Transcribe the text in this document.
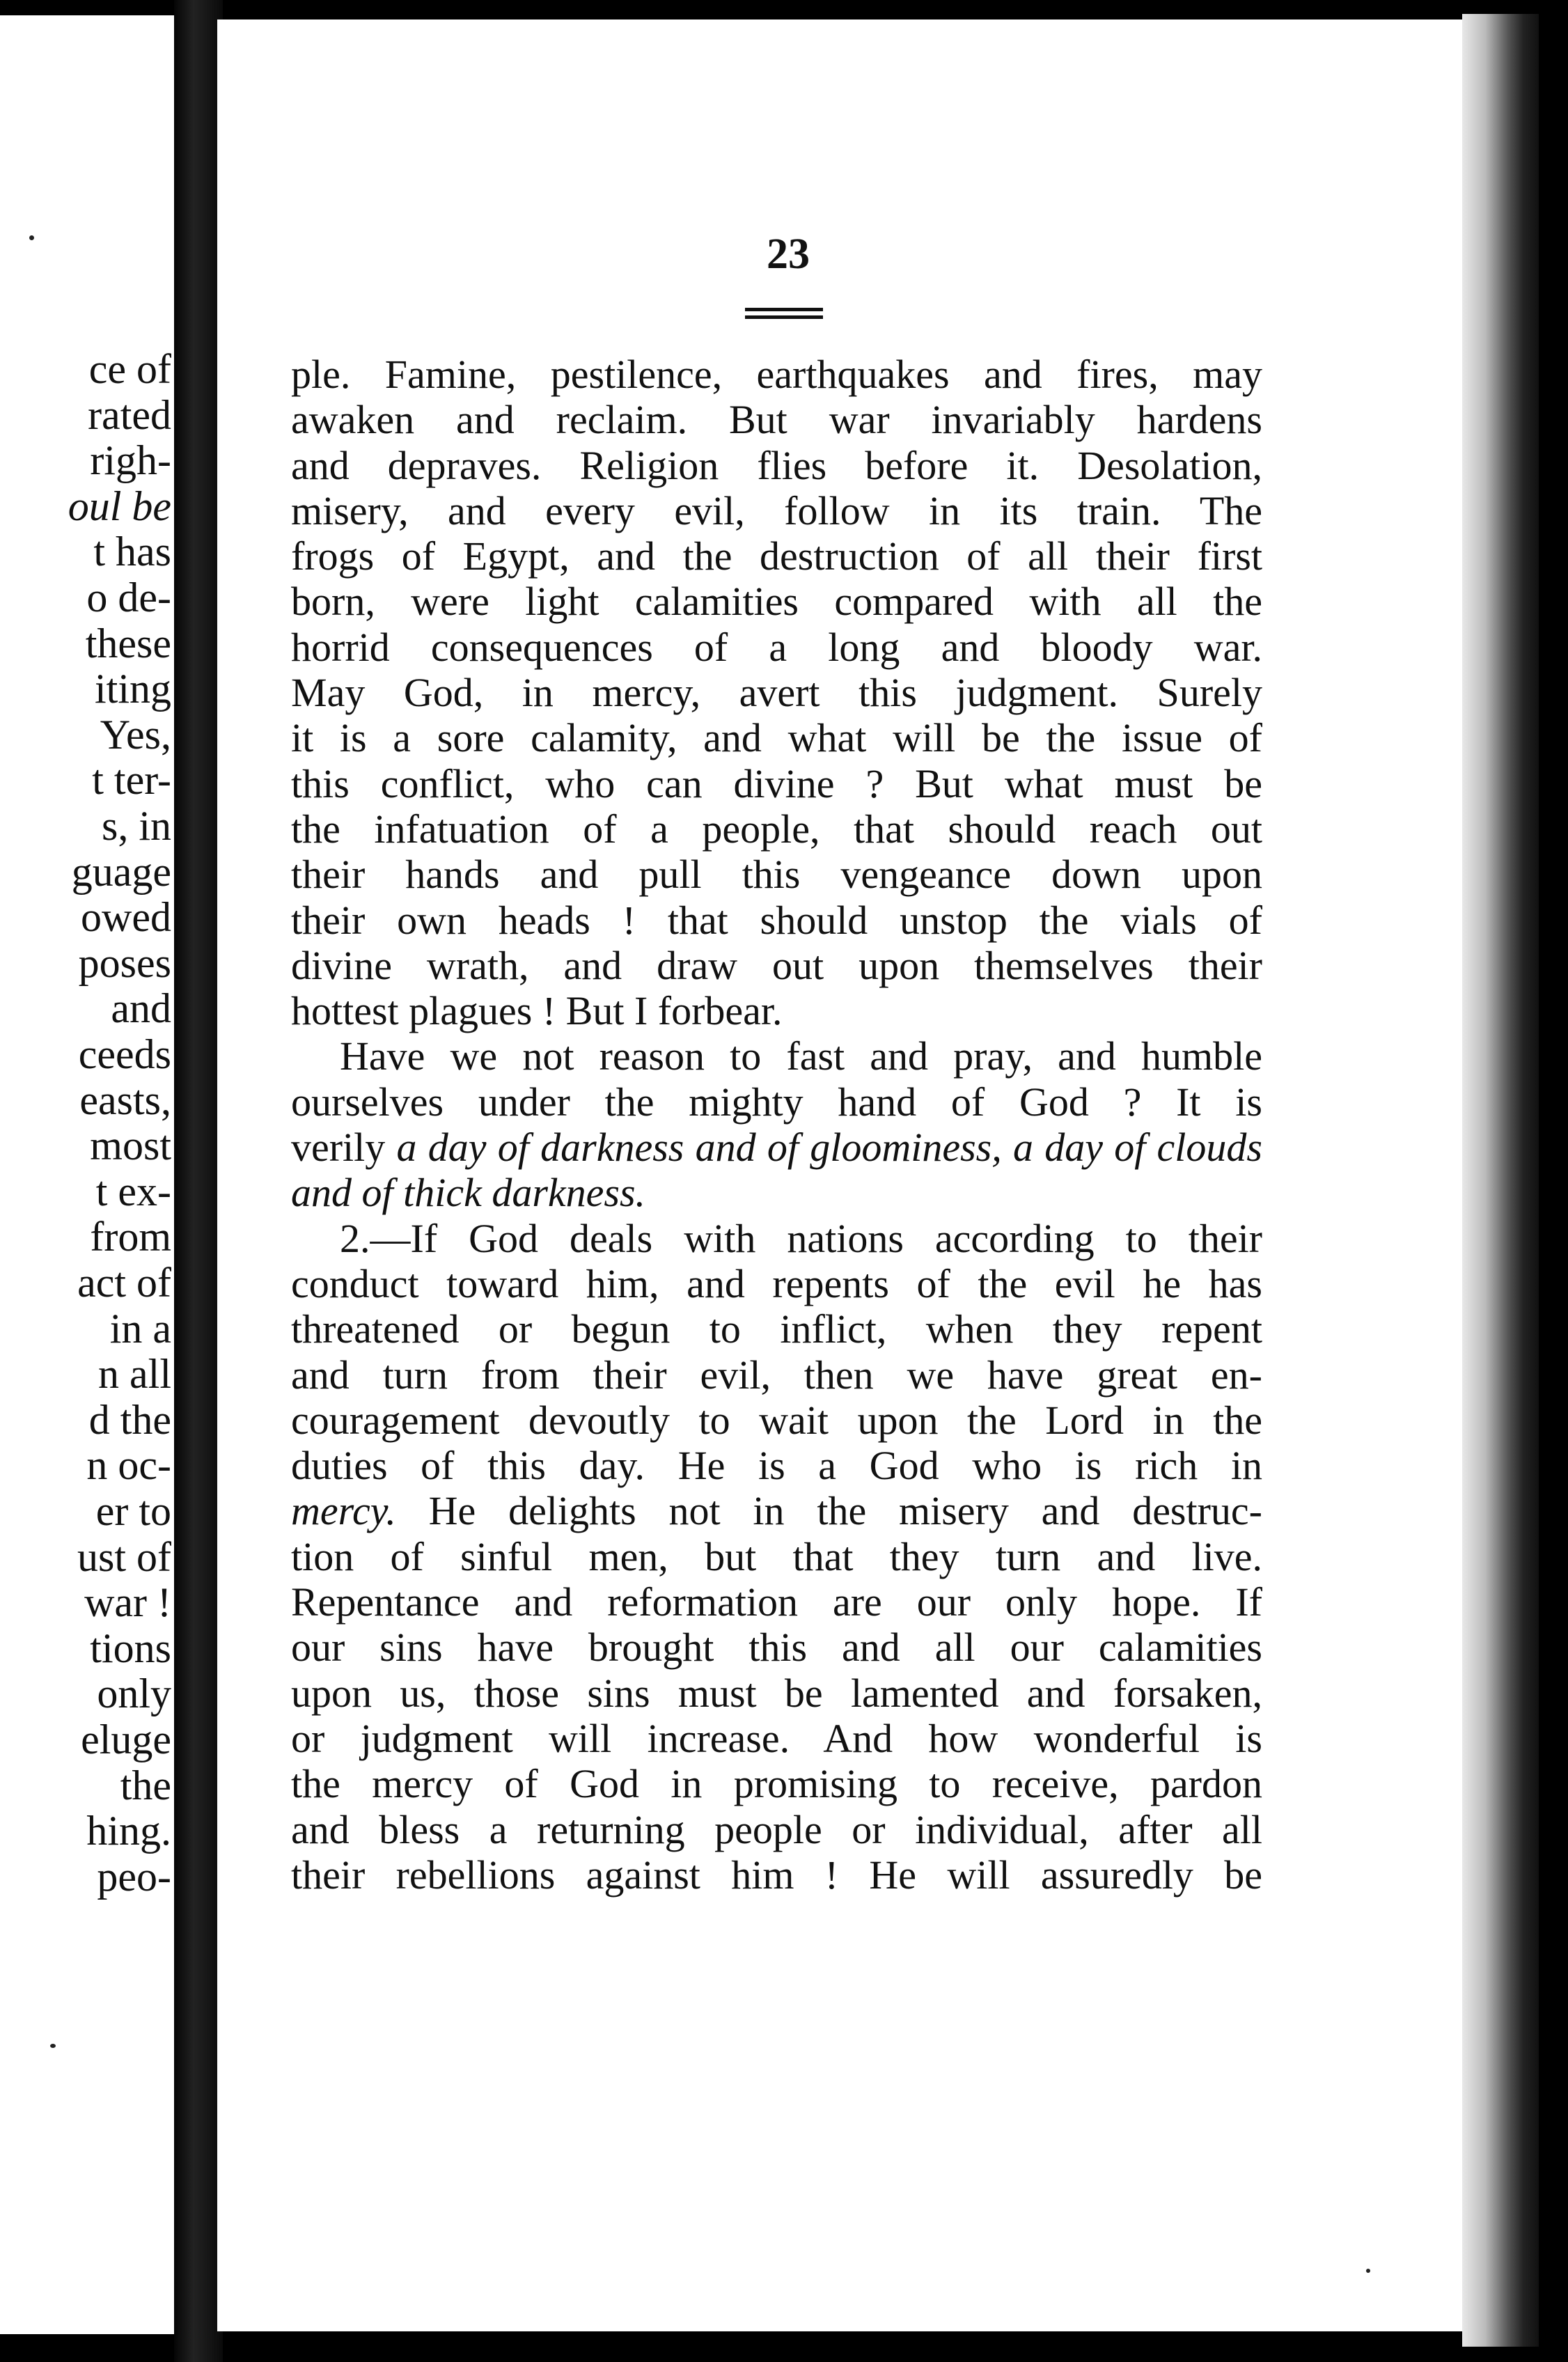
ce of
rated
righ-
oul be
t has
o de-
these
iting
Yes,
t ter-
s, in
guage
owed
poses
and
ceeds
easts,
most
t ex-
from
act of
in a
n all
d the
n oc-
er to
ust of
war !
tions
only
eluge
the
hing.
peo-
23
ple. Famine, pestilence, earthquakes and fires, may
awaken and reclaim. But war invariably hardens
and depraves. Religion flies before it. Desolation,
misery, and every evil, follow in its train. The
frogs of Egypt, and the destruction of all their first
born, were light calamities compared with all the
horrid consequences of a long and bloody war.
May God, in mercy, avert this judgment. Surely
it is a sore calamity, and what will be the issue of
this conflict, who can divine ? But what must be
the infatuation of a people, that should reach out
their hands and pull this vengeance down upon
their own heads ! that should unstop the vials of
divine wrath, and draw out upon themselves their
hottest plagues ! But I forbear.
Have we not reason to fast and pray, and humble
ourselves under the mighty hand of God ? It is
verily a day of darkness and of gloominess, a day of clouds
and of thick darkness.
2.—If God deals with nations according to their
conduct toward him, and repents of the evil he has
threatened or begun to inflict, when they repent
and turn from their evil, then we have great en-
couragement devoutly to wait upon the Lord in the
duties of this day. He is a God who is rich in
mercy. He delights not in the misery and destruc-
tion of sinful men, but that they turn and live.
Repentance and reformation are our only hope. If
our sins have brought this and all our calamities
upon us, those sins must be lamented and forsaken,
or judgment will increase. And how wonderful is
the mercy of God in promising to receive, pardon
and bless a returning people or individual, after all
their rebellions against him ! He will assuredly be
